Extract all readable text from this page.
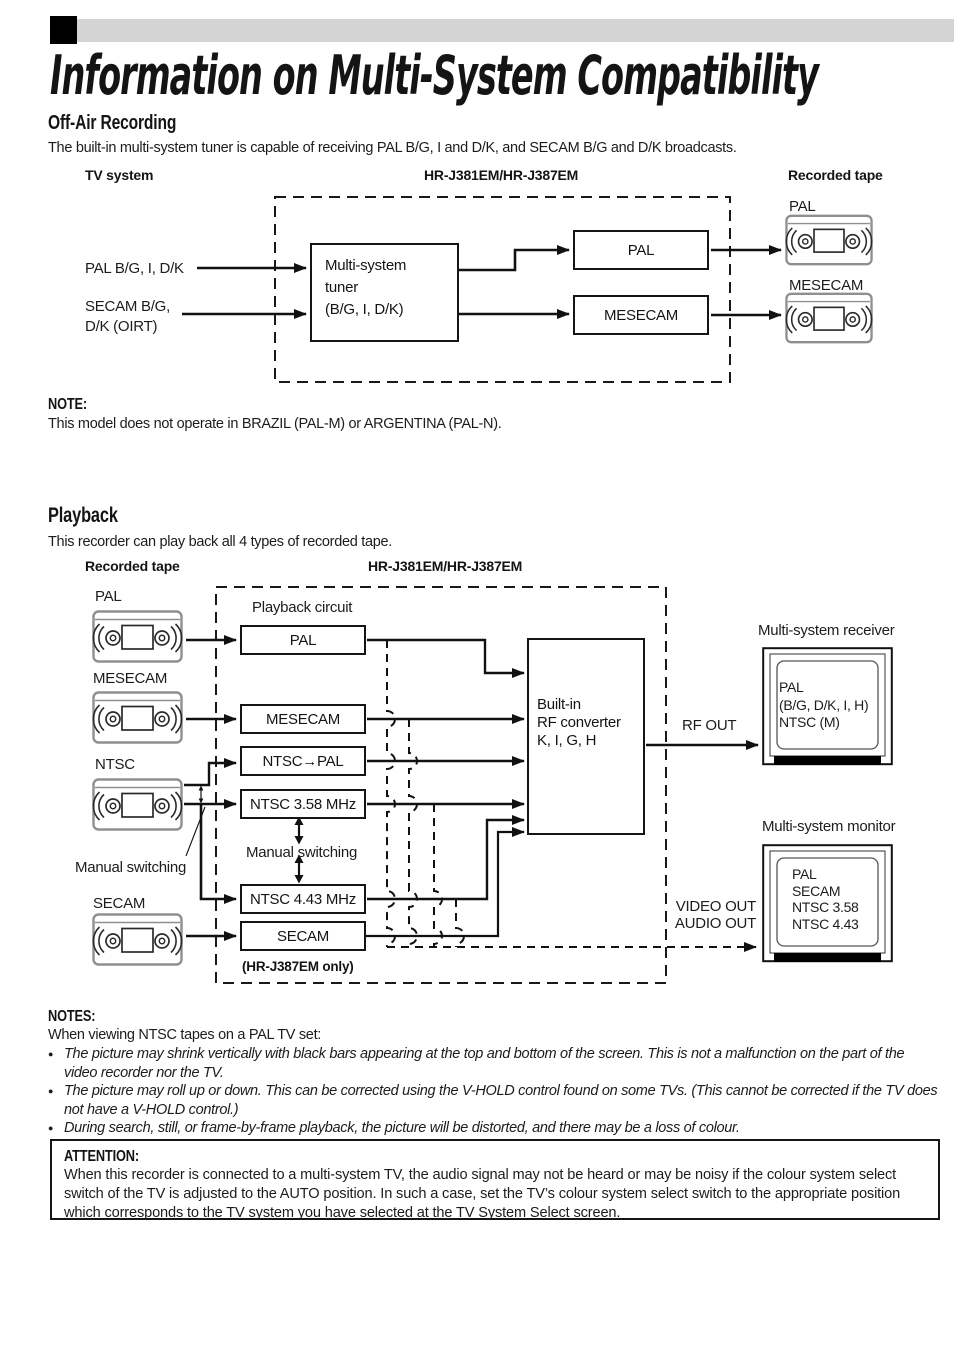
Information on Multi-System Compatibility
Off-Air Recording
The built-in multi-system tuner is capable of receiving PAL B/G, I and D/K, and SECAM B/G and D/K broadcasts.
TV system	HR-J381EM/HR-J387EM	Recorded tape
PAL B/G, I, D/K
SECAM B/G,
D/K (OIRT)
Multi-system
tuner
(B/G, I, D/K)
PAL
MESECAM
PAL
MESECAM
NOTE:
This model does not operate in BRAZIL (PAL-M) or ARGENTINA (PAL-N).
Playback
This recorder can play back all 4 types of recorded tape.
Recorded tape	HR-J381EM/HR-J387EM
Playback circuit
PAL
MESECAM
NTSC
Manual switching
SECAM
PAL
MESECAM
NTSC→PAL
NTSC 3.58 MHz
Manual switching
NTSC 4.43 MHz
SECAM
(HR-J387EM only)
Built-in
RF converter
K, I, G, H
RF OUT
VIDEO OUT
AUDIO OUT
Multi-system receiver
PAL
(B/G, D/K, I, H)
NTSC (M)
Multi-system monitor
PAL
SECAM
NTSC 3.58
NTSC 4.43
NOTES:
When viewing NTSC tapes on a PAL TV set:
● The picture may shrink vertically with black bars appearing at the top and bottom of the screen. This is not a malfunction on the part of the video recorder nor the TV.
● The picture may roll up or down. This can be corrected using the V-HOLD control found on some TVs. (This cannot be corrected if the TV does not have a V-HOLD control.)
● During search, still, or frame-by-frame playback, the picture will be distorted, and there may be a loss of colour.
ATTENTION:
When this recorder is connected to a multi-system TV, the audio signal may not be heard or may be noisy if the colour system select switch of the TV is adjusted to the AUTO position. In such a case, set the TV’s colour system select switch to the appropriate position which corresponds to the TV system you have selected at the TV System Select screen.
